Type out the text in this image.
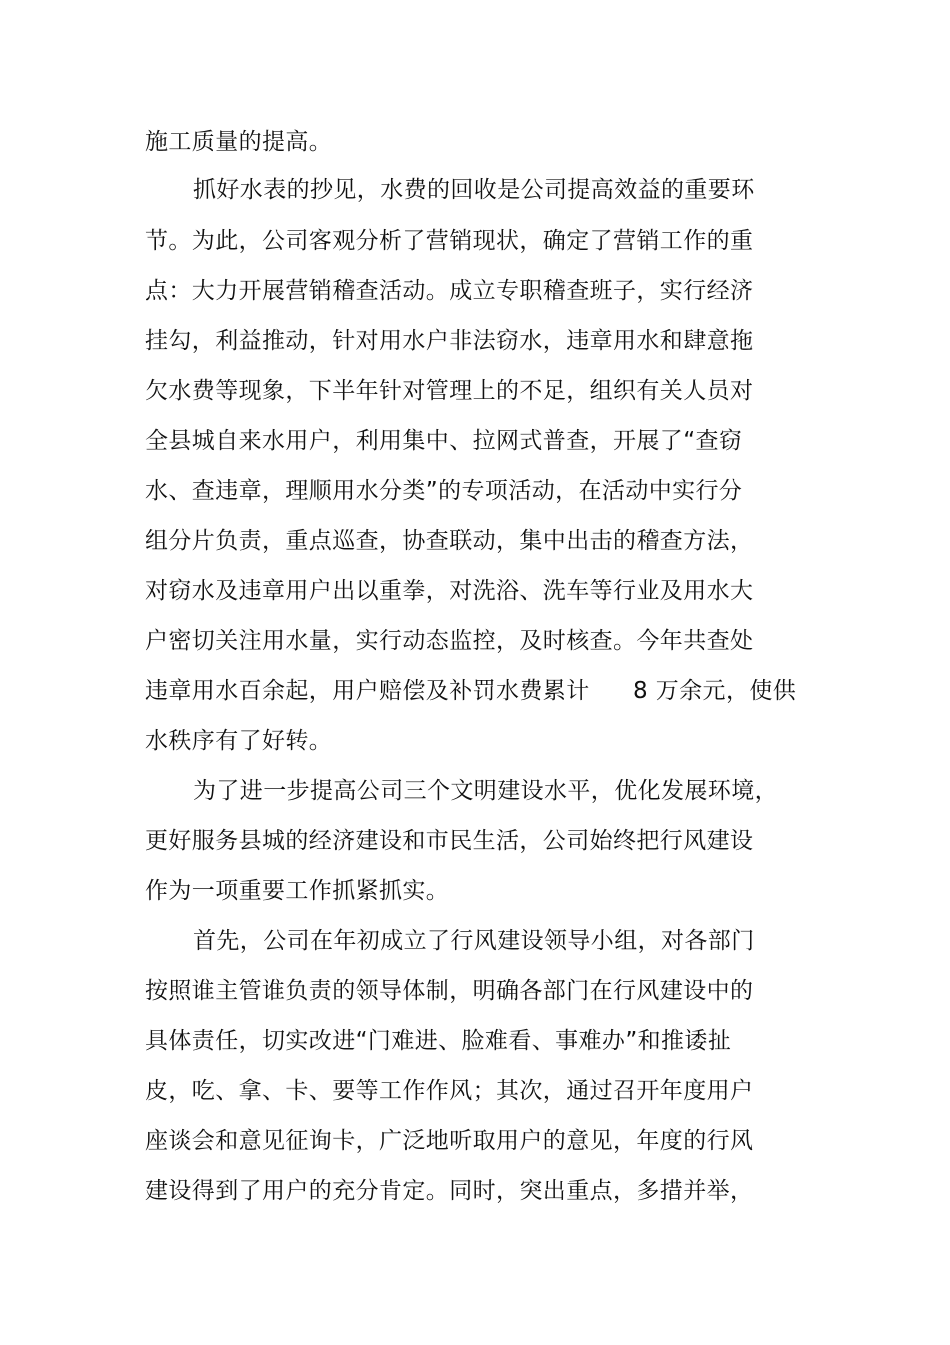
施工质量的提高。
抓好水表的抄见，水费的回收是公司提高效益的重要环
节。为此，公司客观分析了营销现状，确定了营销工作的重
点：大力开展营销稽查活动。成立专职稽查班子，实行经济
挂勾，利益推动，针对用水户非法窃水，违章用水和肆意拖
欠水费等现象，下半年针对管理上的不足，组织有关人员对
全县城自来水用户，利用集中、拉网式普查，开展了“查窃
水、查违章，理顺用水分类”的专项活动，在活动中实行分
组分片负责，重点巡查，协查联动，集中出击的稽查方法，
对窃水及违章用户出以重拳，对洗浴、洗车等行业及用水大
户密切关注用水量，实行动态监控，及时核查。今年共查处
违章用水百余起，用户赔偿及补罚水费累计 8 万余元，使供
水秩序有了好转。
为了进一步提高公司三个文明建设水平，优化发展环境，
更好服务县城的经济建设和市民生活，公司始终把行风建设
作为一项重要工作抓紧抓实。
首先，公司在年初成立了行风建设领导小组，对各部门
按照谁主管谁负责的领导体制，明确各部门在行风建设中的
具体责任，切实改进“门难进、脸难看、事难办”和推诿扯
皮，吃、拿、卡、要等工作作风；其次，通过召开年度用户
座谈会和意见征询卡，广泛地听取用户的意见，年度的行风
建设得到了用户的充分肯定。同时，突出重点，多措并举，
